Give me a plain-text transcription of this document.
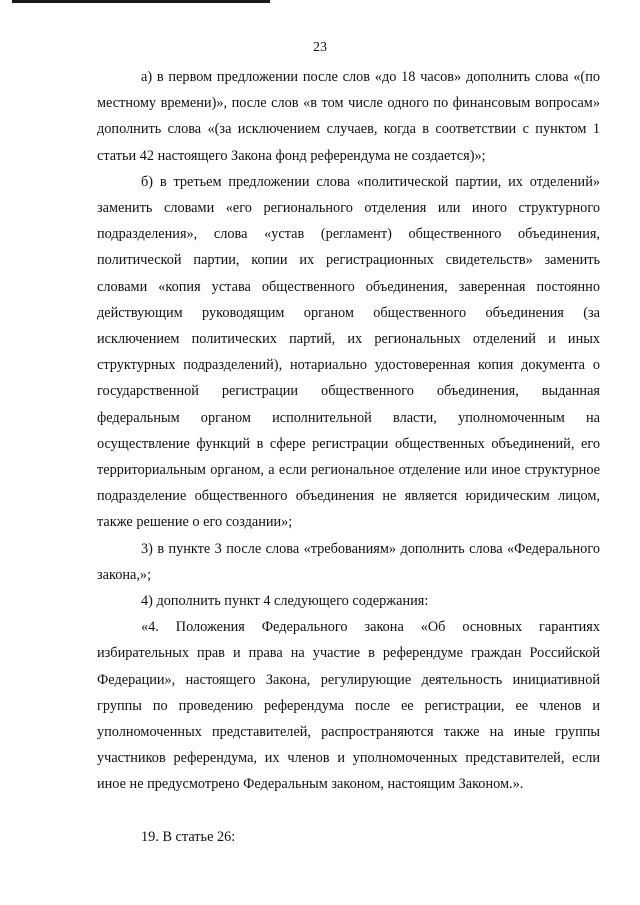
23

а) в первом предложении после слов «до 18 часов» дополнить слова «(по местному времени)», после слов «в том числе одного по финансовым вопросам» дополнить слова «(за исключением случаев, когда в соответствии с пунктом 1 статьи 42 настоящего Закона фонд референдума не создается)»;

б) в третьем предложении слова «политической партии, их отделений» заменить словами «его регионального отделения или иного структурного подразделения», слова «устав (регламент) общественного объединения, политической партии, копии их регистрационных свидетельств» заменить словами «копия устава общественного объединения, заверенная постоянно действующим руководящим органом общественного объединения (за исключением политических партий, их региональных отделений и иных структурных подразделений), нотариально удостоверенная копия документа о государственной регистрации общественного объединения, выданная федеральным органом исполнительной власти, уполномоченным на осуществление функций в сфере регистрации общественных объединений, его территориальным органом, а если региональное отделение или иное структурное подразделение общественного объединения не является юридическим лицом, также решение о его создании»;

3) в пункте 3 после слова «требованиям» дополнить слова «Федерального закона,»;

4) дополнить пункт 4 следующего содержания:

«4. Положения Федерального закона «Об основных гарантиях избирательных прав и права на участие в референдуме граждан Российской Федерации», настоящего Закона, регулирующие деятельность инициативной группы по проведению референдума после ее регистрации, ее членов и уполномоченных представителей, распространяются также на иные группы участников референдума, их членов и уполномоченных представителей, если иное не предусмотрено Федеральным законом, настоящим Законом.».

19. В статье 26:
